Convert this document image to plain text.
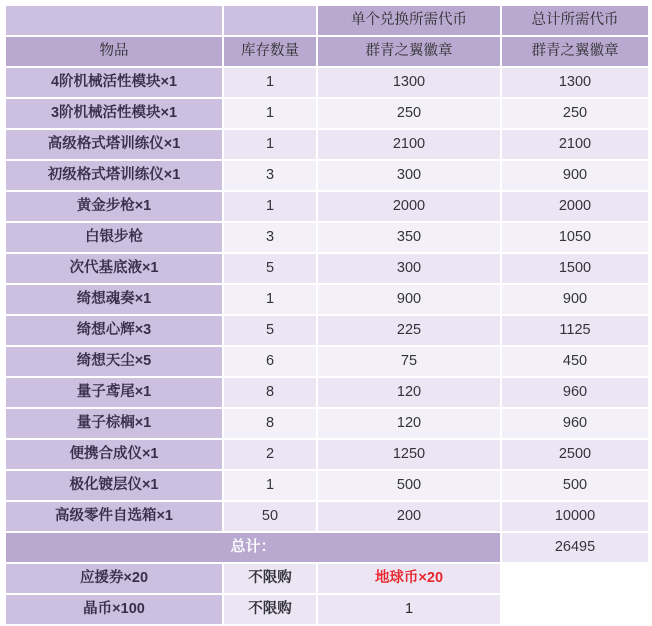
		单个兑换所需代币	总计所需代币
物品	库存数量	群青之翼徽章	群青之翼徽章
4阶机械活性模块×1	1	1300	1300
3阶机械活性模块×1	1	250	250
高级格式塔训练仪×1	1	2100	2100
初级格式塔训练仪×1	3	300	900
黄金步枪×1	1	2000	2000
白银步枪	3	350	1050
次代基底液×1	5	300	1500
绮想魂奏×1	1	900	900
绮想心辉×3	5	225	1125
绮想天尘×5	6	75	450
量子鸢尾×1	8	120	960
量子棕榈×1	8	120	960
便携合成仪×1	2	1250	2500
极化镀层仪×1	1	500	500
高级零件自选箱×1	50	200	10000
总计：			26495
应援券×20	不限购	地球币×20	
晶币×100	不限购	1	
